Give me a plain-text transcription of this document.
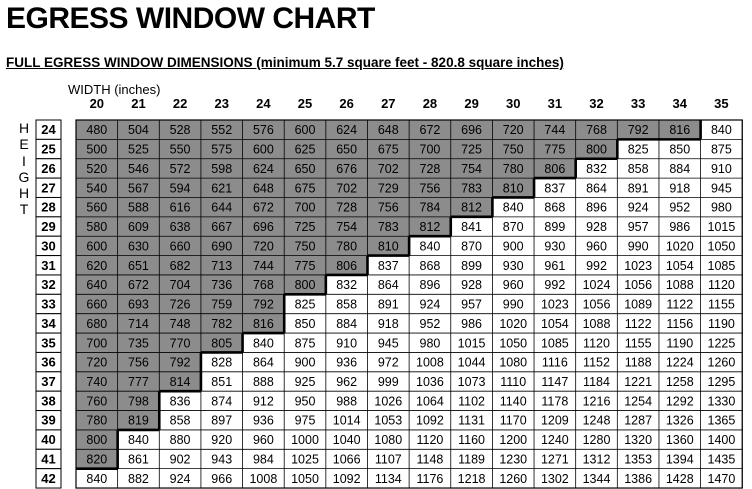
EGRESS WINDOW CHART
FULL EGRESS WINDOW DIMENSIONS (minimum 5.7 square feet - 820.8 square inches)
WIDTH (inches)
H
E
I
G
H
T
20 21 22 23 24 25 26 27 28 29 30 31 32 33 34 35
480 504 528 552 576 600 624 648 672 696 720 744 768 792 816 840
500 525 550 575 600 625 650 675 700 725 750 775 800 825 850 875
520 546 572 598 624 650 676 702 728 754 780 806 832 858 884 910
540 567 594 621 648 675 702 729 756 783 810 837 864 891 918 945
560 588 616 644 672 700 728 756 784 812 840 868 896 924 952 980
580 609 638 667 696 725 754 783 812 841 870 899 928 957 986 1015
600 630 660 690 720 750 780 810 840 870 900 930 960 990 1020 1050
620 651 682 713 744 775 806 837 868 899 930 961 992 1023 1054 1085
640 672 704 736 768 800 832 864 896 928 960 992 1024 1056 1088 1120
660 693 726 759 792 825 858 891 924 957 990 1023 1056 1089 1122 1155
680 714 748 782 816 850 884 918 952 986 1020 1054 1088 1122 1156 1190
700 735 770 805 840 875 910 945 980 1015 1050 1085 1120 1155 1190 1225
720 756 792 828 864 900 936 972 1008 1044 1080 1116 1152 1188 1224 1260
740 777 814 851 888 925 962 999 1036 1073 1110 1147 1184 1221 1258 1295
760 798 836 874 912 950 988 1026 1064 1102 1140 1178 1216 1254 1292 1330
780 819 858 897 936 975 1014 1053 1092 1131 1170 1209 1248 1287 1326 1365
800 840 880 920 960 1000 1040 1080 1120 1160 1200 1240 1280 1320 1360 1400
820 861 902 943 984 1025 1066 1107 1148 1189 1230 1271 1312 1353 1394 1435
840 882 924 966 1008 1050 1092 1134 1176 1218 1260 1302 1344 1386 1428 1470
24
25
26
27
28
29
30
31
32
33
34
35
36
37
38
39
40
41
42
